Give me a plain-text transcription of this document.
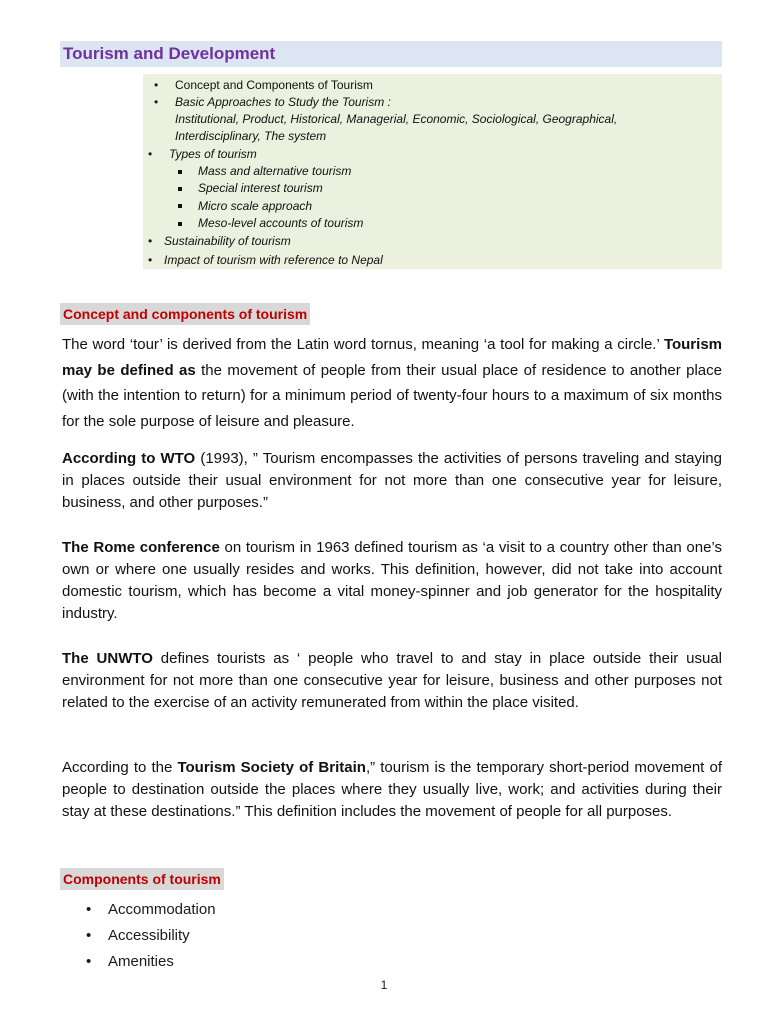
Tourism and Development
• Concept and Components of Tourism
• Basic Approaches to Study the Tourism :
Institutional, Product, Historical, Managerial, Economic, Sociological, Geographical,
Interdisciplinary, The system
• Types of tourism
Mass and alternative tourism
Special interest tourism
Micro scale approach
Meso-level accounts of tourism
• Sustainability of tourism
• Impact of tourism with reference to Nepal
Concept and components of tourism
The word ‘tour’ is derived from the Latin word tornus, meaning ‘a tool for making a circle.’ Tourism may be defined as the movement of people from their usual place of residence to another place (with the intention to return) for a minimum period of twenty-four hours to a maximum of six months for the sole purpose of leisure and pleasure.
According to WTO (1993), ” Tourism encompasses the activities of persons traveling and staying in places outside their usual environment for not more than one consecutive year for leisure, business, and other purposes.”
The Rome conference on tourism in 1963 defined tourism as ‘a visit to a country other than one’s own or where one usually resides and works. This definition, however, did not take into account domestic tourism, which has become a vital money-spinner and job generator for the hospitality industry.
The UNWTO defines tourists as ‘ people who travel to and stay in place outside their usual environment for not more than one consecutive year for leisure, business and other purposes not related to the exercise of an activity remunerated from within the place visited.
According to the Tourism Society of Britain,” tourism is the temporary short-period movement of people to destination outside the places where they usually live, work; and activities during their stay at these destinations.” This definition includes the movement of people for all purposes.
Components of tourism
• Accommodation
• Accessibility
• Amenities
1
